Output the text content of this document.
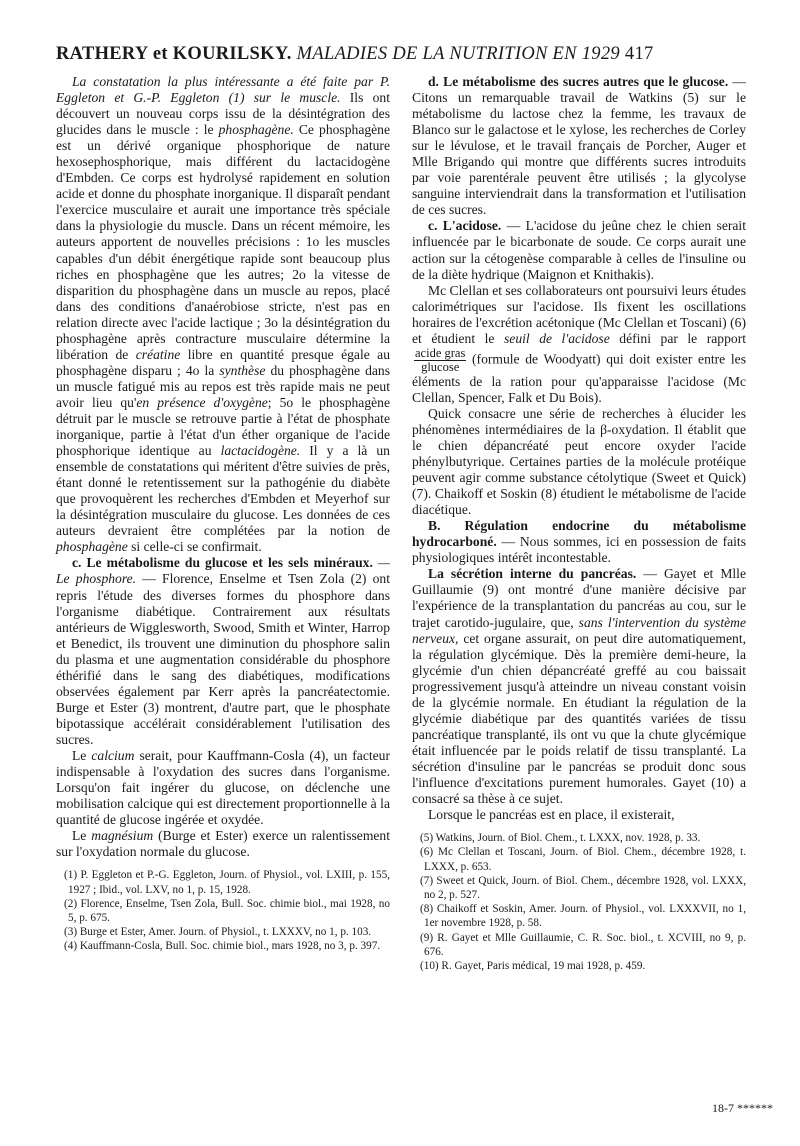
RATHERY et KOURILSKY. MALADIES DE LA NUTRITION EN 1929 417

La constatation la plus intéressante a été faite par P. Eggleton et G.-P. Eggleton (1) sur le muscle. Ils ont découvert un nouveau corps issu de la désintégration des glucides dans le muscle : le phosphagène. Ce phosphagène est un dérivé organique phosphorique de nature hexosephosphorique, mais différent du lactacidogène d'Embden. Ce corps est hydrolysé rapidement en solution acide et donne du phosphate inorganique. Il disparaît pendant l'exercice musculaire et aurait une importance très spéciale dans la physiologie du muscle. Dans un récent mémoire, les auteurs apportent de nouvelles précisions : 1o les muscles capables d'un débit énergétique rapide sont beaucoup plus riches en phosphagène que les autres; 2o la vitesse de disparition du phosphagène dans un muscle au repos, placé dans des conditions d'anaérobiose stricte, n'est pas en relation directe avec l'acide lactique ; 3o la désintégration du phosphagène après contracture musculaire détermine la libération de créatine libre en quantité presque égale au phosphagène disparu ; 4o la synthèse du phosphagène dans un muscle fatigué mis au repos est très rapide mais ne peut avoir lieu qu'en présence d'oxygène; 5o le phosphagène détruit par le muscle se retrouve partie à l'état de phosphate inorganique, partie à l'état d'un éther organique de l'acide phosphorique identique au lactacidogène. Il y a là un ensemble de constatations qui méritent d'être suivies de près, étant donné le retentissement sur la pathogénie du diabète que provoquèrent les recherches d'Embden et Meyerhof sur la désintégration musculaire du glucose. Les données de ces auteurs devraient être complétées par la notion de phosphagène si celle-ci se confirmait.

c. Le métabolisme du glucose et les sels minéraux. — Le phosphore. — Florence, Enselme et Tsen Zola (2) ont repris l'étude des diverses formes du phosphore dans l'organisme diabétique. Contrairement aux résultats antérieurs de Wigglesworth, Swood, Smith et Winter, Harrop et Benedict, ils trouvent une diminution du phosphore salin du plasma et une augmentation considérable du phosphore éthérifié dans le sang des diabétiques, modifications observées également par Kerr après la pancréatectomie. Burge et Ester (3) montrent, d'autre part, que le phosphate bipotassique accélérait considérablement l'utilisation des sucres.

Le calcium serait, pour Kauffmann-Cosla (4), un facteur indispensable à l'oxydation des sucres dans l'organisme. Lorsqu'on fait ingérer du glucose, on déclenche une mobilisation calcique qui est directement proportionnelle à la quantité de glucose ingérée et oxydée.

Le magnésium (Burge et Ester) exerce un ralentissement sur l'oxydation normale du glucose.

(1) P. Eggleton et P.-G. Eggleton, Journ. of Physiol., vol. LXIII, p. 155, 1927 ; Ibid., vol. LXV, no 1, p. 15, 1928.
(2) Florence, Enselme, Tsen Zola, Bull. Soc. chimie biol., mai 1928, no 5, p. 675.
(3) Burge et Ester, Amer. Journ. of Physiol., t. LXXXV, no 1, p. 103.
(4) Kauffmann-Cosla, Bull. Soc. chimie biol., mars 1928, no 3, p. 397.

d. Le métabolisme des sucres autres que le glucose. — Citons un remarquable travail de Watkins (5) sur le métabolisme du lactose chez la femme, les travaux de Blanco sur le galactose et le xylose, les recherches de Corley sur le lévulose, et le travail français de Porcher, Auger et Mlle Brigando qui montre que différents sucres introduits par voie parentérale peuvent être utilisés ; la glycolyse sanguine interviendrait dans la transformation et l'utilisation de ces sucres.

c. L'acidose. — L'acidose du jeûne chez le chien serait influencée par le bicarbonate de soude. Ce corps aurait une action sur la cétogenèse comparable à celles de l'insuline ou de la diète hydrique (Maignon et Knithakis).

Mc Clellan et ses collaborateurs ont poursuivi leurs études calorimétriques sur l'acidose. Ils fixent les oscillations horaires de l'excrétion acétonique (Mc Clellan et Toscani) (6) et étudient le seuil de l'acidose défini par le rapport
$\frac{\text{acide gras}}{\text{glucose}}$ (formule de Woodyatt) qui doit exister entre les éléments de la ration pour qu'apparaisse l'acidose (Mc Clellan, Spencer, Falk et Du Bois).

Quick consacre une série de recherches à élucider les phénomènes intermédiaires de la β-oxydation. Il établit que le chien dépancréaté peut encore oxyder l'acide phénylbutyrique. Certaines parties de la molécule protéique peuvent agir comme substance cétolytique (Sweet et Quick) (7). Chaikoff et Soskin (8) étudient le métabolisme de l'acide diacétique.

B. Régulation endocrine du métabolisme hydrocarboné. — Nous sommes, ici en possession de faits physiologiques intérêt incontestable.

La sécrétion interne du pancréas. — Gayet et Mlle Guillaumie (9) ont montré d'une manière décisive par l'expérience de la transplantation du pancréas au cou, sur le trajet carotido-jugulaire, que, sans l'intervention du système nerveux, cet organe assurait, on peut dire automatiquement, la régulation glycémique. Dès la première demi-heure, la glycémie d'un chien dépancréaté greffé au cou baissait progressivement jusqu'à atteindre un niveau constant voisin de la glycémie normale. En étudiant la régulation de la glycémie diabétique par des quantités variées de tissu pancréatique transplanté, ils ont vu que la chute glycémique était influencée par le poids relatif de tissu transplanté. La sécrétion d'insuline par le pancréas se produit donc sous l'influence d'excitations purement humorales. Gayet (10) a consacré sa thèse à ce sujet.

Lorsque le pancréas est en place, il existerait,

(5) Watkins, Journ. of Biol. Chem., t. LXXX, nov. 1928, p. 33.
(6) Mc Clellan et Toscani, Journ. of Biol. Chem., décembre 1928, t. LXXX, p. 653.
(7) Sweet et Quick, Journ. of Biol. Chem., décembre 1928, vol. LXXX, no 2, p. 527.
(8) Chaikoff et Soskin, Amer. Journ. of Physiol., vol. LXXXVII, no 1, 1er novembre 1928, p. 58.
(9) R. Gayet et Mlle Guillaumie, C. R. Soc. biol., t. XCVIII, no 9, p. 676.
(10) R. Gayet, Paris médical, 19 mai 1928, p. 459.
18-7 ******
